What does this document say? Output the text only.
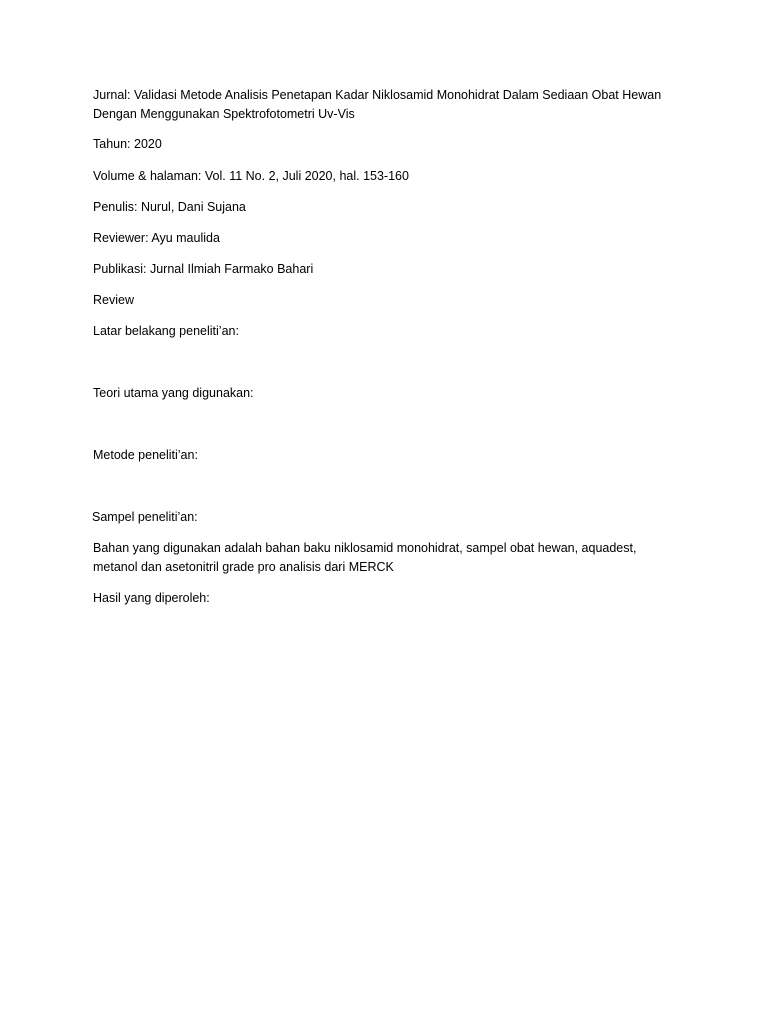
Jurnal: Validasi Metode Analisis Penetapan Kadar Niklosamid Monohidrat Dalam Sediaan Obat Hewan Dengan Menggunakan Spektrofotometri Uv-Vis

Tahun: 2020

Volume & halaman: Vol. 11 No. 2, Juli 2020, hal. 153-160

Penulis: Nurul, Dani Sujana

Reviewer: Ayu maulida

Publikasi: Jurnal Ilmiah Farmako Bahari

Review

Latar belakang peneliti’an:

Teori utama yang digunakan:

Metode peneliti’an:

Sampel peneliti’an:

Bahan yang digunakan adalah bahan baku niklosamid monohidrat, sampel obat hewan, aquadest, metanol dan asetonitril grade pro analisis dari MERCK

Hasil yang diperoleh:
